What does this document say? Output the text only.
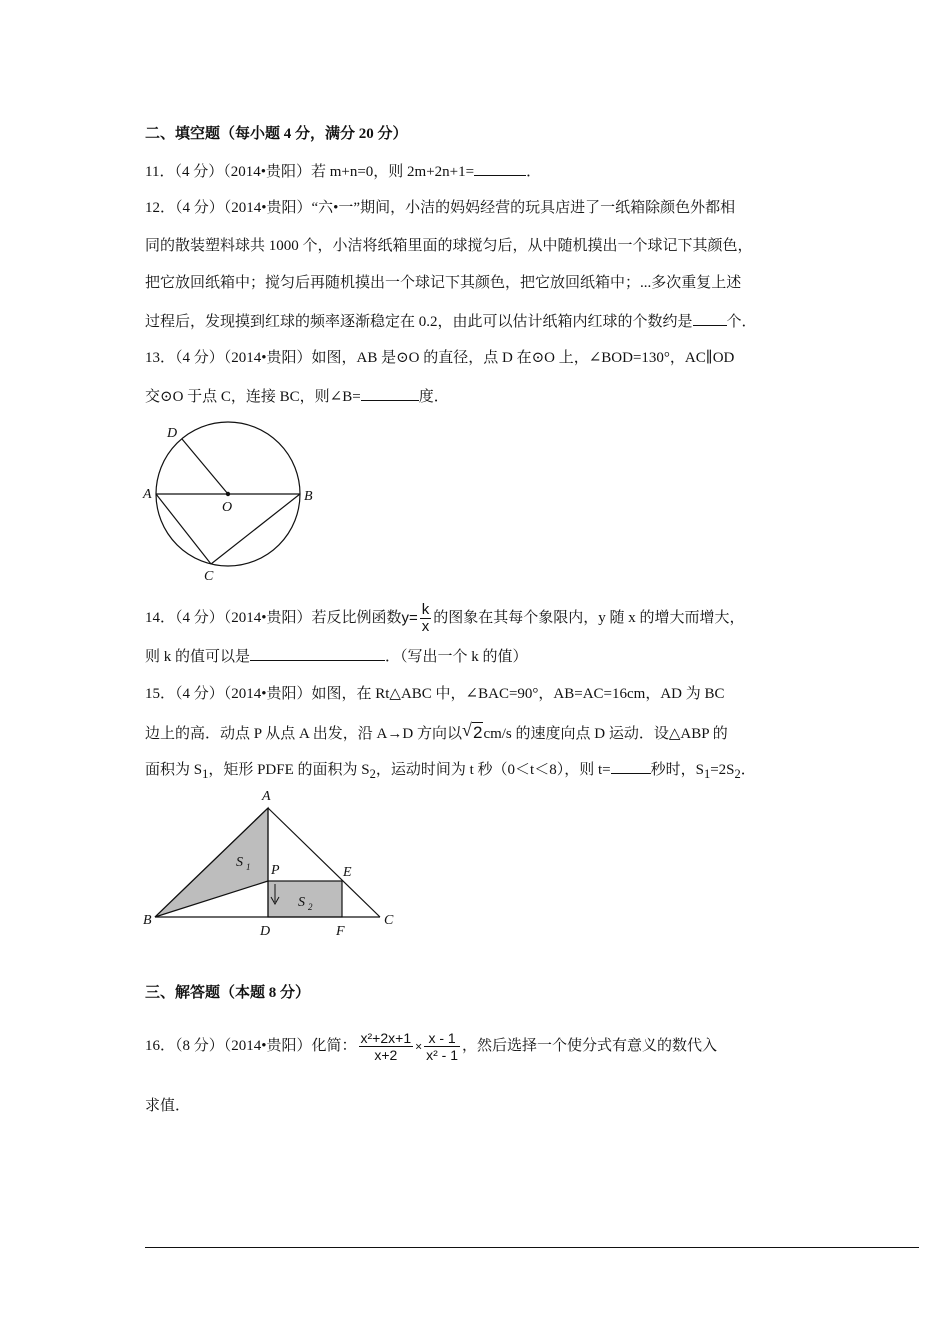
二、填空题（每小题 4 分，满分 20 分）
11．（4 分）（2014•贵阳）若 m+n=0，则 2m+2n+1=	．
12．（4 分）（2014•贵阳）“六•一”期间，小洁的妈妈经营的玩具店进了一纸箱除颜色外都相
同的散装塑料球共 1000 个，小洁将纸箱里面的球搅匀后，从中随机摸出一个球记下其颜色，
把它放回纸箱中；搅匀后再随机摸出一个球记下其颜色，把它放回纸箱中；...多次重复上述
过程后，发现摸到红球的频率逐渐稳定在 0.2，由此可以估计纸箱内红球的个数约是 个．
13．（4 分）（2014•贵阳）如图，AB 是⊙O 的直径，点 D 在⊙O 上，∠BOD=130°，AC∥OD
交⊙O 于点 C，连接 BC，则∠B=	度．
D
A	B
O
C
14．（4 分）（2014•贵阳）若反比例函数$y= \frac{k}{x}$ 的图象在其每个象限内，y 随 x 的增大而增大，
则 k 的值可以是	．（写出一个 k 的值）
15．（4 分）（2014•贵阳）如图，在 Rt△ABC 中，∠BAC=90°，AB=AC=16cm，AD 为 BC
边上的高．动点 P 从点 A 出发，沿 A→D 方向以 √ 2cm/s 的速度向点 D 运动．设△ABP 的
面积为 $S_1$，矩形 PDFE 的面积为 $S_2$，运动时间为 t 秒（0＜t＜8），则 t=	秒时，$S_1=2S_2$．
A
B	C
D	F
E
P
S 1
S 2
三、解答题（本题 8 分）
16．（8 分）（2014•贵阳）化简： $\frac{\text{x²+2x+1}}{x+2} \times \frac{x - 1}{\text{x² - 1}}$ ，然后选择一个使分式有意义的数代入
求值．
